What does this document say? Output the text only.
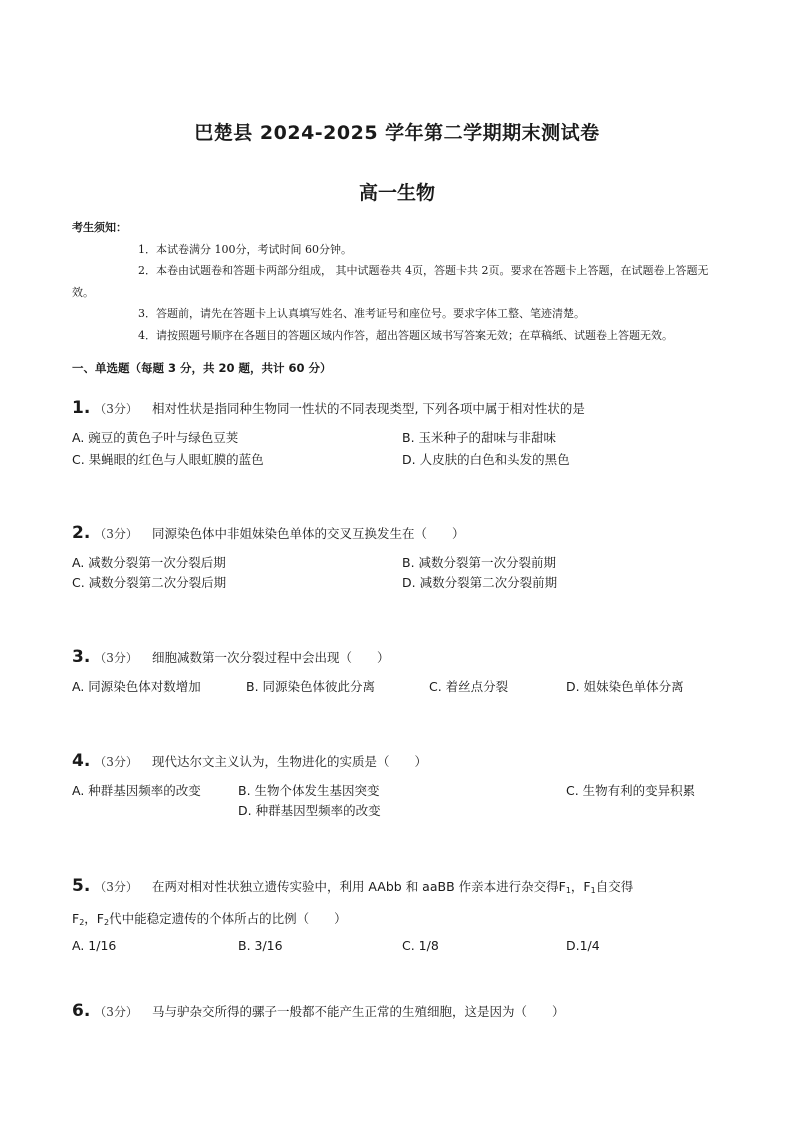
巴楚县 2024-2025 学年第二学期期末测试卷
高一生物
考生须知：
1．本试卷满分 100分，考试时间 60分钟。
2．本卷由试题卷和答题卡两部分组成， 其中试题卷共 4页，答题卡共 2页。要求在答题卡上答题，在试题卷上答题无效。
3．答题前，请先在答题卡上认真填写姓名、准考证号和座位号。要求字体工整、笔迹清楚。
4．请按照题号顺序在各题目的答题区域内作答，超出答题区域书写答案无效；在草稿纸、试题卷上答题无效。
一、单选题（每题 3 分，共 20 题，共计 60 分）
1. （3分） 相对性状是指同种生物同一性状的不同表现类型, 下列各项中属于相对性状的是
A. 豌豆的黄色子叶与绿色豆荚	B. 玉米种子的甜味与非甜味
C. 果蝇眼的红色与人眼虹膜的蓝色	D. 人皮肤的白色和头发的黑色
2. （3分） 同源染色体中非姐妹染色单体的交叉互换发生在（　　）
A. 减数分裂第一次分裂后期	B. 减数分裂第一次分裂前期
C. 减数分裂第二次分裂后期	D. 减数分裂第二次分裂前期
3. （3分） 细胞减数第一次分裂过程中会出现（　　）
A. 同源染色体对数增加	B. 同源染色体彼此分离	C. 着丝点分裂	D. 姐妹染色单体分离
4. （3分） 现代达尔文主义认为，生物进化的实质是（　　）
A. 种群基因频率的改变	B. 生物个体发生基因突变	C. 生物有利的变异积累
D. 种群基因型频率的改变
5. （3分） 在两对相对性状独立遗传实验中，利用 AAbb 和 aaBB 作亲本进行杂交得$F_1$，$F_1$自交得
$F_2$，$F_2$代中能稳定遗传的个体所占的比例（　　）
A. 1/16	B. 3/16	C. 1/8	D.1/4
6. （3分） 马与驴杂交所得的骡子一般都不能产生正常的生殖细胞，这是因为（　　）
